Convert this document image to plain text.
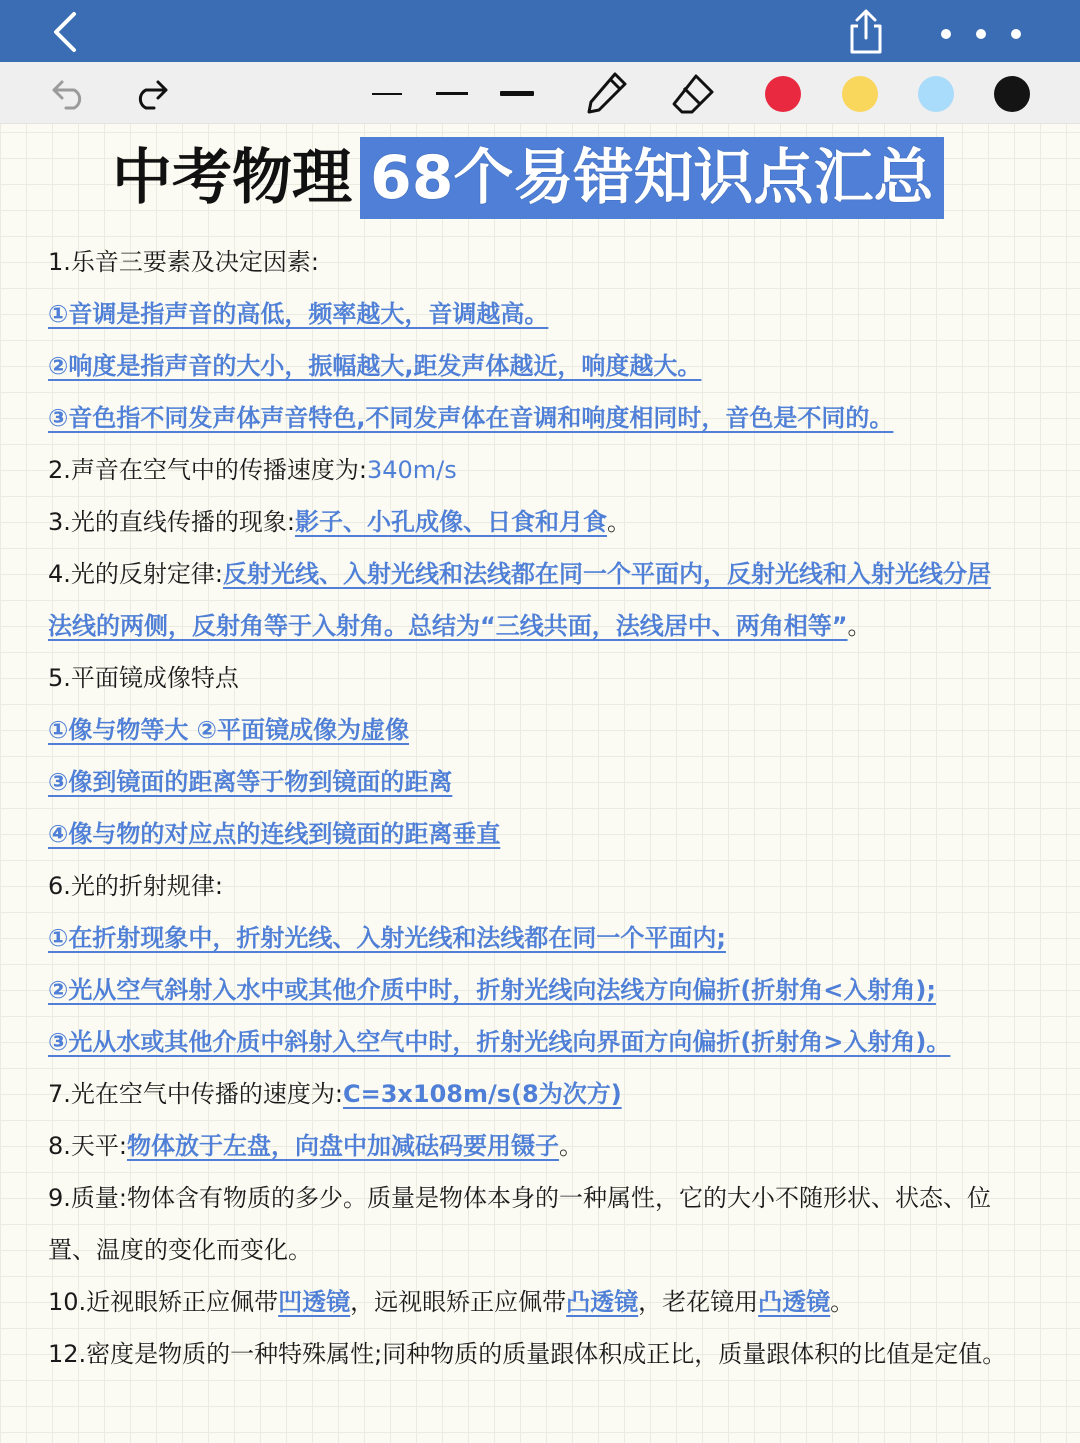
中考物理 68个易错知识点汇总
1.乐音三要素及决定因素:
①音调是指声音的高低，频率越大，音调越高。
②响度是指声音的大小，振幅越大,距发声体越近，响度越大。
③音色指不同发声体声音特色,不同发声体在音调和响度相同时，音色是不同的。
2.声音在空气中的传播速度为:340m/s
3.光的直线传播的现象:影子、小孔成像、日食和月食。
4.光的反射定律:反射光线、入射光线和法线都在同一个平面内，反射光线和入射光线分居
法线的两侧，反射角等于入射角。总结为“三线共面，法线居中、两角相等”。
5.平面镜成像特点
①像与物等大 ②平面镜成像为虚像
③像到镜面的距离等于物到镜面的距离
④像与物的对应点的连线到镜面的距离垂直
6.光的折射规律:
①在折射现象中，折射光线、入射光线和法线都在同一个平面内;
②光从空气斜射入水中或其他介质中时，折射光线向法线方向偏折(折射角<入射角);
③光从水或其他介质中斜射入空气中时，折射光线向界面方向偏折(折射角>入射角)。
7.光在空气中传播的速度为:C=3x108m/s(8为次方)
8.天平:物体放于左盘，向盘中加减砝码要用镊子。
9.质量:物体含有物质的多少。质量是物体本身的一种属性，它的大小不随形状、状态、位
置、温度的变化而变化。
10.近视眼矫正应佩带凹透镜，远视眼矫正应佩带凸透镜，老花镜用凸透镜。
12.密度是物质的一种特殊属性;同种物质的质量跟体积成正比，质量跟体积的比值是定值。
